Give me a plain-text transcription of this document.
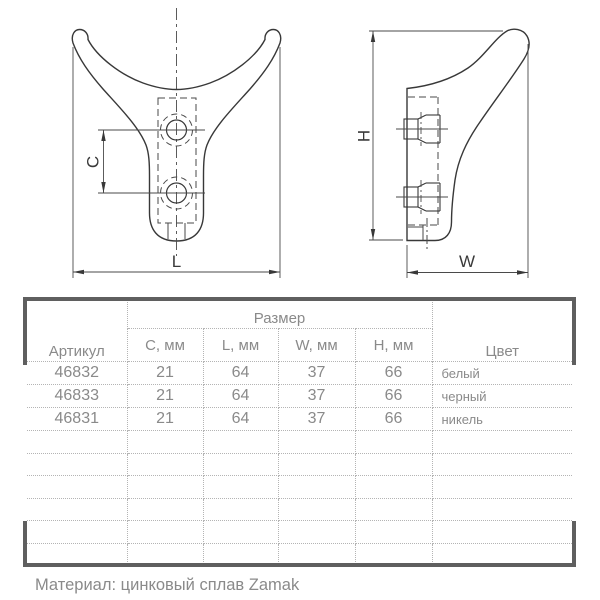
C
L
H
W
Артикул	Размер				Цвет
	C, мм	L, мм	W, мм	H, мм	
46832	21	64	37	66	белый
46833	21	64	37	66	черный
46831	21	64	37	66	никель

Материал: цинковый сплав Zamak
